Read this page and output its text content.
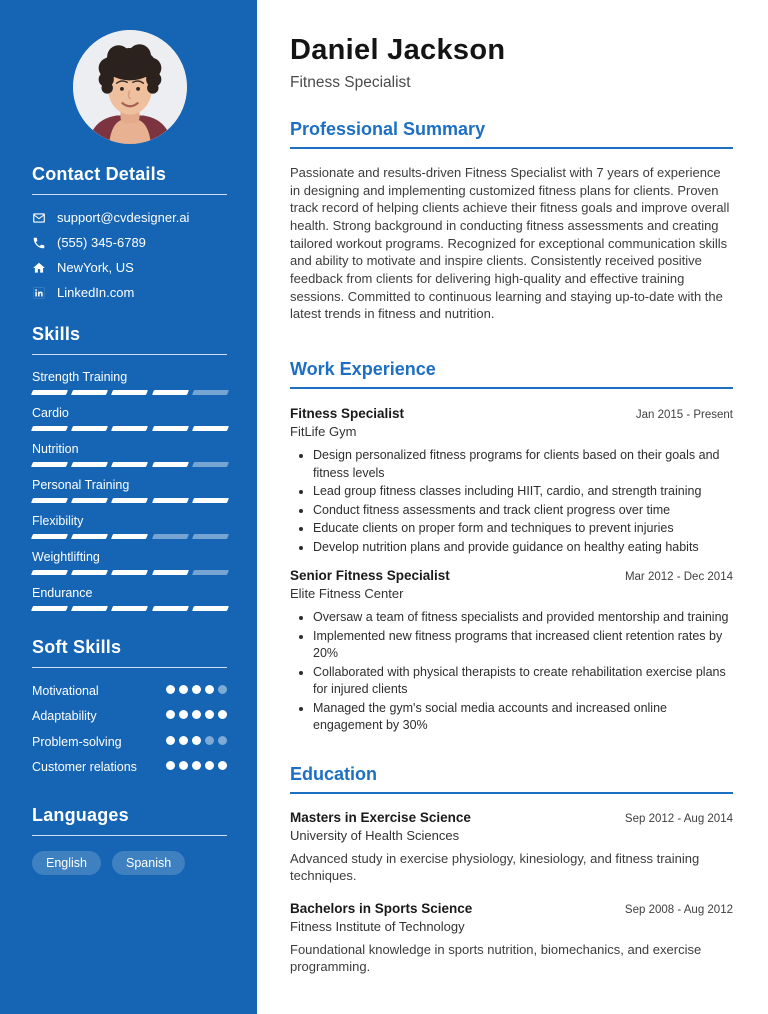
Contact Details
support@cvdesigner.ai
(555) 345-6789
NewYork, US
LinkedIn.com
Skills
Strength Training
Cardio
Nutrition
Personal Training
Flexibility
Weightlifting
Endurance
Soft Skills
Motivational
Adaptability
Problem-solving
Customer relations
Languages
English	Spanish
Daniel Jackson
Fitness Specialist
Professional Summary

Passionate and results-driven Fitness Specialist with 7 years of experience in designing and implementing customized fitness plans for clients. Proven track record of helping clients achieve their fitness goals and improve overall health. Strong background in conducting fitness assessments and creating tailored workout programs. Recognized for exceptional communication skills and ability to motivate and inspire clients. Consistently received positive feedback from clients for delivering high-quality and effective training sessions. Committed to continuous learning and staying up-to-date with the latest trends in fitness and nutrition.

Work Experience
Fitness Specialist	Jan 2015 - Present
FitLife Gym
• Design personalized fitness programs for clients based on their goals and fitness levels
• Lead group fitness classes including HIIT, cardio, and strength training
• Conduct fitness assessments and track client progress over time
• Educate clients on proper form and techniques to prevent injuries
• Develop nutrition plans and provide guidance on healthy eating habits
Senior Fitness Specialist	Mar 2012 - Dec 2014
Elite Fitness Center
• Oversaw a team of fitness specialists and provided mentorship and training
• Implemented new fitness programs that increased client retention rates by 20%
• Collaborated with physical therapists to create rehabilitation exercise plans for injured clients
• Managed the gym's social media accounts and increased online engagement by 30%
Education
Masters in Exercise Science	Sep 2012 - Aug 2014
University of Health Sciences

Advanced study in exercise physiology, kinesiology, and fitness training techniques.

Bachelors in Sports Science	Sep 2008 - Aug 2012
Fitness Institute of Technology

Foundational knowledge in sports nutrition, biomechanics, and exercise programming.
